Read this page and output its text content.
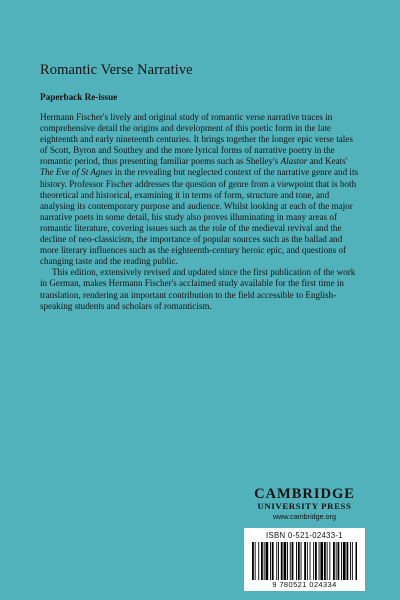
Romantic Verse Narrative
Paperback Re-issue

Hermann Fischer's lively and original study of romantic verse narrative traces in comprehensive detail the origins and development of this poetic form in the late eighteenth and early nineteenth centuries. It brings together the longer epic verse tales of Scott, Byron and Southey and the more lyrical forms of narrative poetry in the romantic period, thus presenting familiar poems such as Shelley's Alastor and Keats' The Eve of St Agnes in the revealing but neglected context of the narrative genre and its history. Professor Fischer addresses the question of genre from a viewpoint that is both theoretical and historical, examining it in terms of form, structure and tone, and analysing its contemporary purpose and audience. Whilst looking at each of the major narrative poets in some detail, his study also proves illuminating in many areas of romantic literature, covering issues such as the role of the medieval revival and the decline of neo-classicism, the importance of popular sources such as the ballad and more literary influences such as the eighteenth-century heroic epic, and questions of changing taste and the reading public.

This edition, extensively revised and updated since the first publication of the work in German, makes Hermann Fischer's acclaimed study available for the first time in translation, rendering an important contribution to the field accessible to English-speaking students and scholars of romanticism.

CAMBRIDGE
UNIVERSITY PRESS
www.cambridge.org
ISBN 0-521-02433-1
9 780521 024334
